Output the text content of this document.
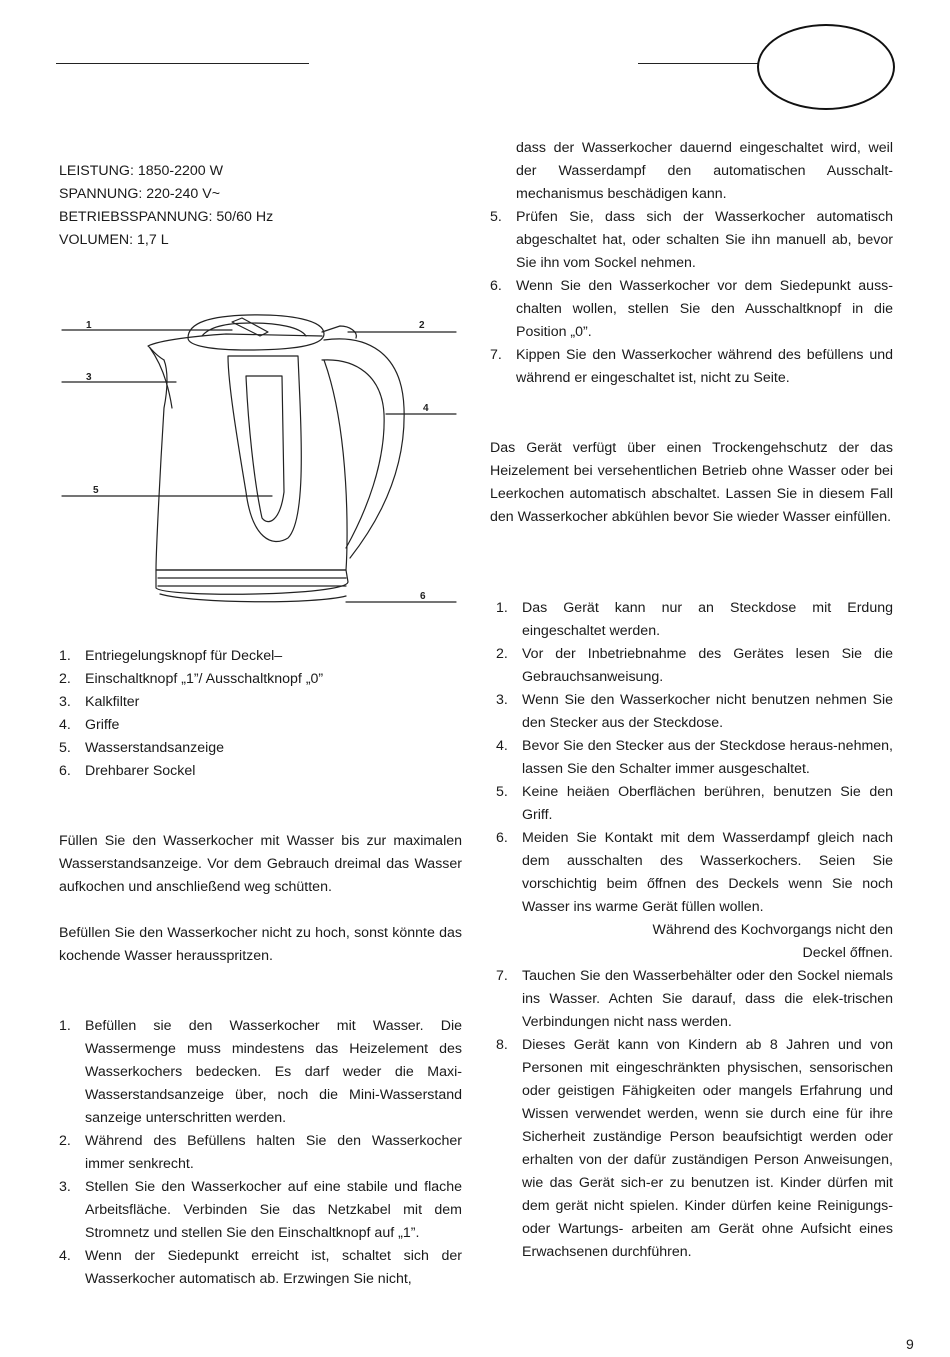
LEISTUNG: 1850-2200 W
SPANNUNG: 220-240 V~
BETRIEBSSPANNUNG: 50/60 Hz
VOLUMEN: 1,7 L
1	2
3
4
5
6
1. Entriegelungsknopf für Deckel–
2. Einschaltknopf „1”/ Ausschaltknopf „0”
3. Kalkfilter
4. Griffe
5. Wasserstandsanzeige
6. Drehbarer Sockel

Füllen Sie den Wasserkocher mit Wasser bis zur maximalen Wasserstandsanzeige. Vor dem Gebrauch dreimal das Wasser aufkochen und anschließend weg schütten.

Befüllen Sie den Wasserkocher nicht zu hoch, sonst könnte das kochende Wasser herausspritzen.

1. Befüllen sie den Wasserkocher mit Wasser. Die Wassermenge muss mindestens das Heizelement des Wasserkochers bedecken. Es darf weder die Maxi-Wasserstandsanzeige über, noch die Mini-Wasserstand sanzeige unterschritten werden.
2. Während des Befüllens halten Sie den Wasserkocher immer senkrecht.
3. Stellen Sie den Wasserkocher auf eine stabile und flache Arbeitsfläche. Verbinden Sie das Netzkabel mit dem Stromnetz und stellen Sie den Einschaltknopf auf „1”.
4. Wenn der Siedepunkt erreicht ist, schaltet sich der Wasserkocher automatisch ab. Erzwingen Sie nicht,
dass der Wasserkocher dauernd eingeschaltet wird, weil der Wasserdampf den automatischen Ausschalt-mechanismus beschädigen kann.
5. Prüfen Sie, dass sich der Wasserkocher automatisch abgeschaltet hat, oder schalten Sie ihn manuell ab, bevor Sie ihn vom Sockel nehmen.
6. Wenn Sie den Wasserkocher vor dem Siedepunkt auss-chalten wollen, stellen Sie den Ausschaltknopf in die Position „0”.
7. Kippen Sie den Wasserkocher während des befüllens und während er eingeschaltet ist, nicht zu Seite.

Das Gerät verfügt über einen Trockengehschutz der das Heizelement bei versehentlichen Betrieb ohne Wasser oder bei Leerkochen automatisch abschaltet. Lassen Sie in diesem Fall den Wasserkocher abkühlen bevor Sie wieder Wasser einfüllen.

1. Das Gerät kann nur an Steckdose mit Erdung eingeschaltet werden.
2. Vor der Inbetriebnahme des Gerätes lesen Sie die Gebrauchsanweisung.
3. Wenn Sie den Wasserkocher nicht benutzen nehmen Sie den Stecker aus der Steckdose.
4. Bevor Sie den Stecker aus der Steckdose heraus-nehmen, lassen Sie den Schalter immer ausgeschaltet.
5. Keine heiäen Oberflächen berühren, benutzen Sie den Griff.
6. Meiden Sie Kontakt mit dem Wasserdampf gleich nach dem ausschalten des Wasserkochers. Seien Sie vorschichtig beim őffnen des Deckels wenn Sie noch Wasser ins warme Gerät füllen wollen.
Während des Kochvorgangs nicht den Deckel őffnen.
7. Tauchen Sie den Wasserbehälter oder den Sockel niemals ins Wasser. Achten Sie darauf, dass die elek-trischen Verbindungen nicht nass werden.
8. Dieses Gerät kann von Kindern ab 8 Jahren und von Personen mit eingeschränkten physischen, sensorischen oder geistigen Fähigkeiten oder mangels Erfahrung und Wissen verwendet werden, wenn sie durch eine für ihre Sicherheit zuständige Person beaufsichtigt werden oder erhalten von der dafür zuständigen Person Anweisungen, wie das Gerät sich-er zu benutzen ist. Kinder dürfen mit dem gerät nicht spielen. Kinder dürfen keine Reinigungs- oder Wartungs- arbeiten am Gerät ohne Aufsicht eines Erwachsenen durchführen.
9
